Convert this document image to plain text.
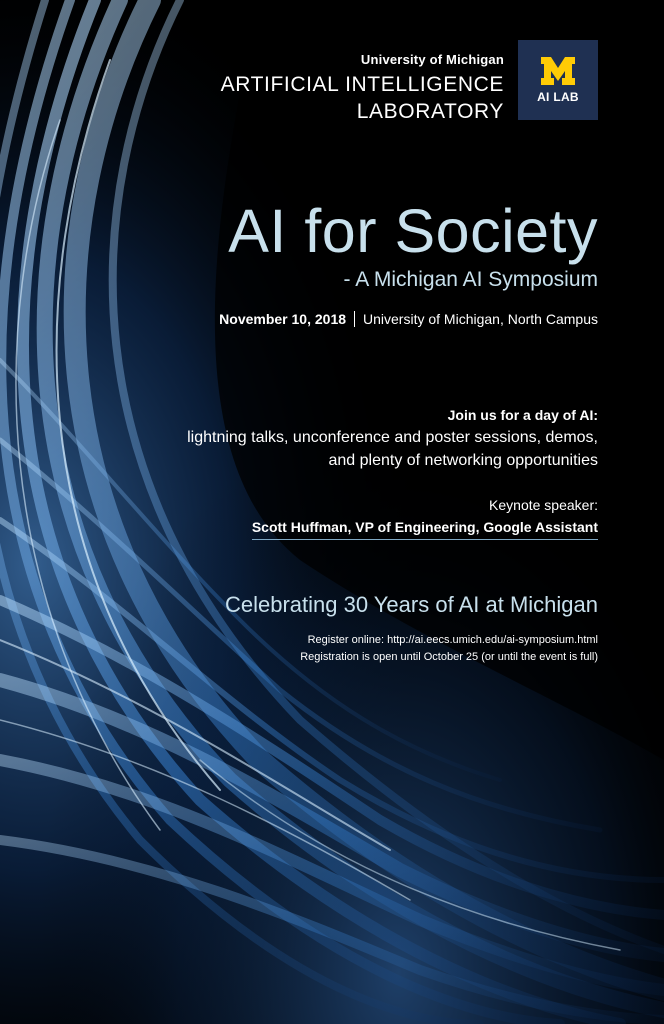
University of Michigan
ARTIFICIAL INTELLIGENCE
LABORATORY
AI LAB
AI for Society
- A Michigan AI Symposium
November 10, 2018 University of Michigan, North Campus
Join us for a day of AI:
lightning talks, unconference and poster sessions, demos,
and plenty of networking opportunities
Keynote speaker:
Scott Huffman, VP of Engineering, Google Assistant
Celebrating 30 Years of AI at Michigan
Register online: http://ai.eecs.umich.edu/ai-symposium.html
Registration is open until October 25 (or until the event is full)
